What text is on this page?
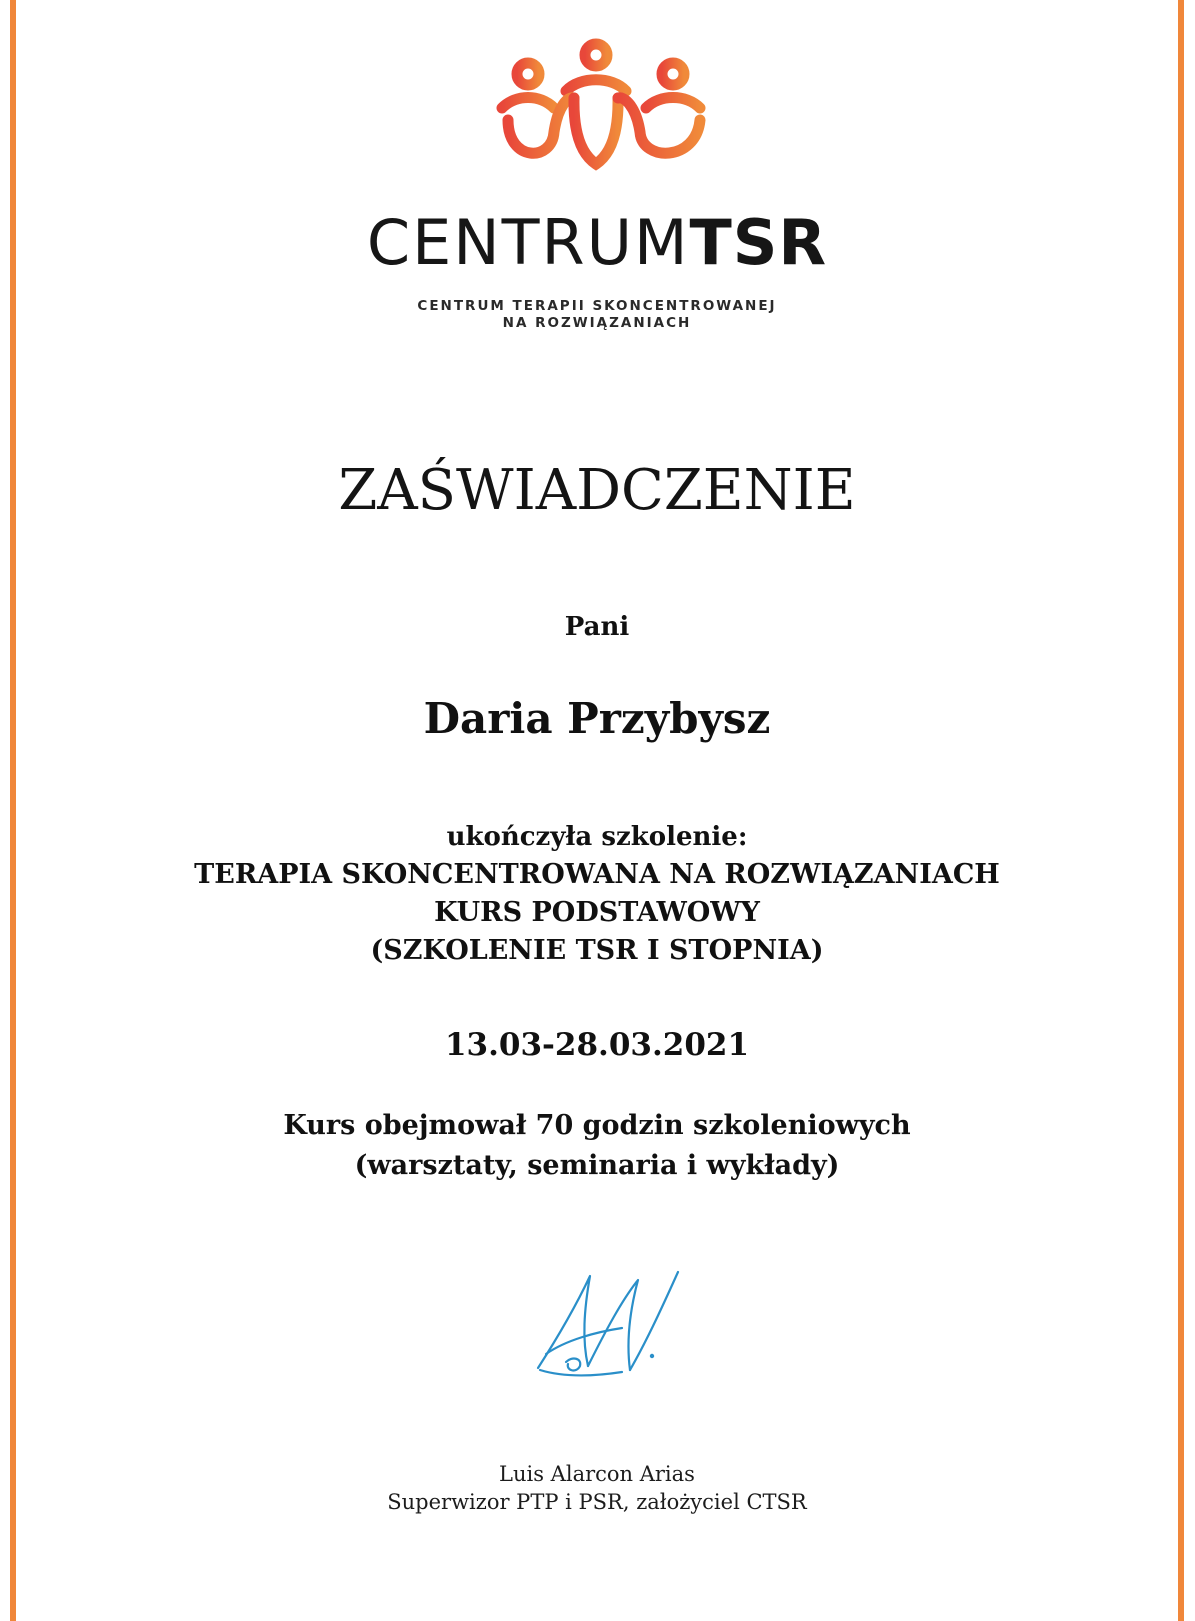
CENTRUMTSR
CENTRUM TERAPII SKONCENTROWANEJ
NA ROZWIĄZANIACH
ZAŚWIADCZENIE
Pani
Daria Przybysz
ukończyła szkolenie:
TERAPIA SKONCENTROWANA NA ROZWIĄZANIACH
KURS PODSTAWOWY
(SZKOLENIE TSR I STOPNIA)
13.03-28.03.2021
Kurs obejmował 70 godzin szkoleniowych
(warsztaty, seminaria i wykłady)
Luis Alarcon Arias
Superwizor PTP i PSR, założyciel CTSR
